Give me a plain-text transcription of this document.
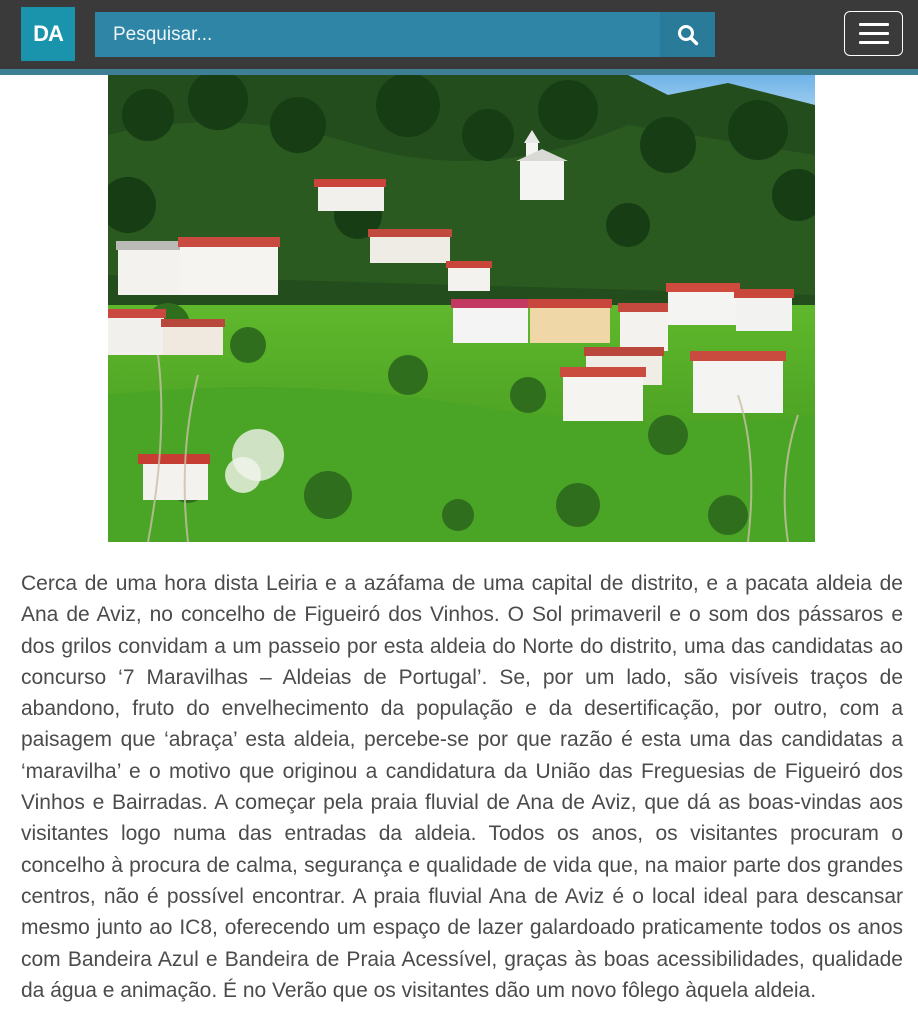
DA
Pesquisar...

Cerca de uma hora dista Leiria e a azáfama de uma capital de distrito, e a pacata aldeia de Ana de Aviz, no concelho de Figueiró dos Vinhos. O Sol primaveril e o som dos pássaros e dos grilos convidam a um passeio por esta aldeia do Norte do distrito, uma das candidatas ao concurso ‘7 Maravilhas – Aldeias de Portugal’. Se, por um lado, são visíveis traços de abandono, fruto do envelhecimento da população e da desertificação, por outro, com a paisagem que ‘abraça’ esta aldeia, percebe-se por que razão é esta uma das candidatas a ‘maravilha’ e o motivo que originou a candidatura da União das Freguesias de Figueiró dos Vinhos e Bairradas. A começar pela praia fluvial de Ana de Aviz, que dá as boas-vindas aos visitantes logo numa das entradas da aldeia. Todos os anos, os visitantes procuram o concelho à procura de calma, segurança e qualidade de vida que, na maior parte dos grandes centros, não é possível encontrar. A praia fluvial Ana de Aviz é o local ideal para descansar mesmo junto ao IC8, oferecendo um espaço de lazer galardoado praticamente todos os anos com Bandeira Azul e Bandeira de Praia Acessível, graças às boas acessibilidades, qualidade da água e animação. É no Verão que os visitantes dão um novo fôlego àquela aldeia.
